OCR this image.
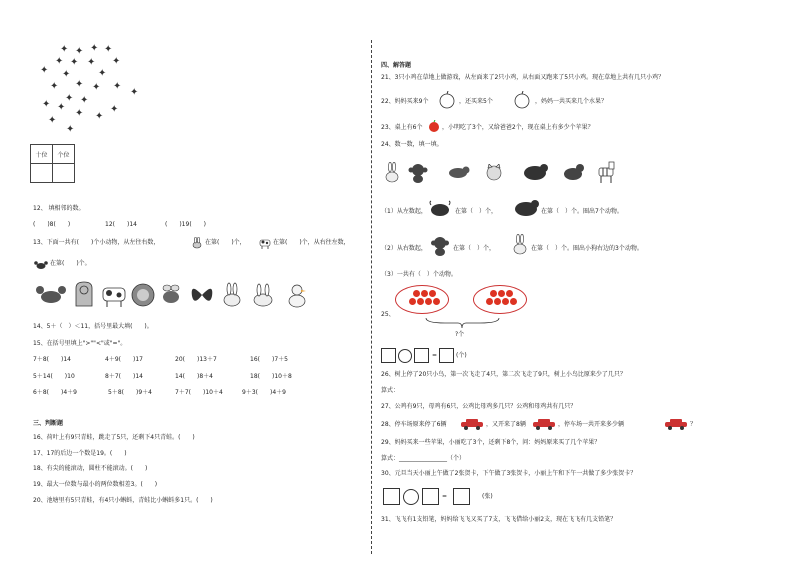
✦ ✦ ✦ ✦
✦ ✦ ✦ ✦
✦ ✦	✦
✦ ✦ ✦ ✦
✦
✦ ✦
✦ ✦	✦
✦ ✦
✦
✦
十位	个位

12、 填相邻的数。
(　　)8(　　)	12(　　)14	(　　)19(　　)
13、下面一共有(　　)个小动物，从左往右数，	在第(　　)个，	在第(　　)个，从右往左数，
在第(　　)个。
14、5＋（　）＜11，括号里最大填(　　)。
15、在括号里填上">""<"或"="。
7＋8(　　)14	4＋9(　　)17	20(　　)13＋7	16(　　)7＋5
5＋14(　　)10	8＋7(　　)14	14(　　)8＋4	18(　　)10＋8
6＋8(　　)4＋9	5＋8(　　)9＋4	7＋7(　　)10＋4	9＋3(　　)4＋9
三、判断题
16、荷叶上有9只青蛙，跳走了5只，还剩下4只青蛙。(　　)
17、17的后边一个数是19。(　　)
18、有尖的能滚动，圆柱不能滚动。(　　)
19、最大一位数与最小的两位数相差3。(　　)
20、池塘里有5只青蛙，有4只小蝌蚪，青蛙比小蝌蚪多1只。(　　)
四、解答题
21、3只小鸡在草地上做游戏，从左面来了2只小鸡，从右面又跑来了5只小鸡。现在草地上共有几只小鸡？
22、妈妈买来9个	，还买来5个	，妈妈一共买来几个水果？
23、桌上有6个	，小明吃了3个，又给爸爸2个，现在桌上有多少个苹果？
24、数一数，填一填。
（1）从左数起，	在第（　）个，	在第（　）个。圈出7个动物。
（2）从右数起，	在第（　）个，	在第（　）个。圈出小狗右边的3个动物。
（3）一共有（　）个动物。
25、
?个
=	(个)
26、树上停了20只小鸟，第一次飞走了4只，第二次飞走了9只，树上小鸟比原来少了几只？
算式：
27、公鸡有9只，母鸡有6只，公鸡比母鸡多几只？公鸡和母鸡共有几只？
28、停车场原来停了6辆	，又开来了8辆	，停车场一共开来多少辆	？
29、妈妈买来一些苹果，小丽吃了3个，还剩下8个，问：妈妈原来买了几个苹果？
算式：________________（个）
30、元旦当天小丽上午做了2张贺卡，下午做了3张贺卡，小丽上午和下午一共做了多少张贺卡？
=	(张)
31、飞飞有1支铅笔，妈妈给飞飞又买了7支，飞飞借给小丽2支，现在飞飞有几支铅笔？
